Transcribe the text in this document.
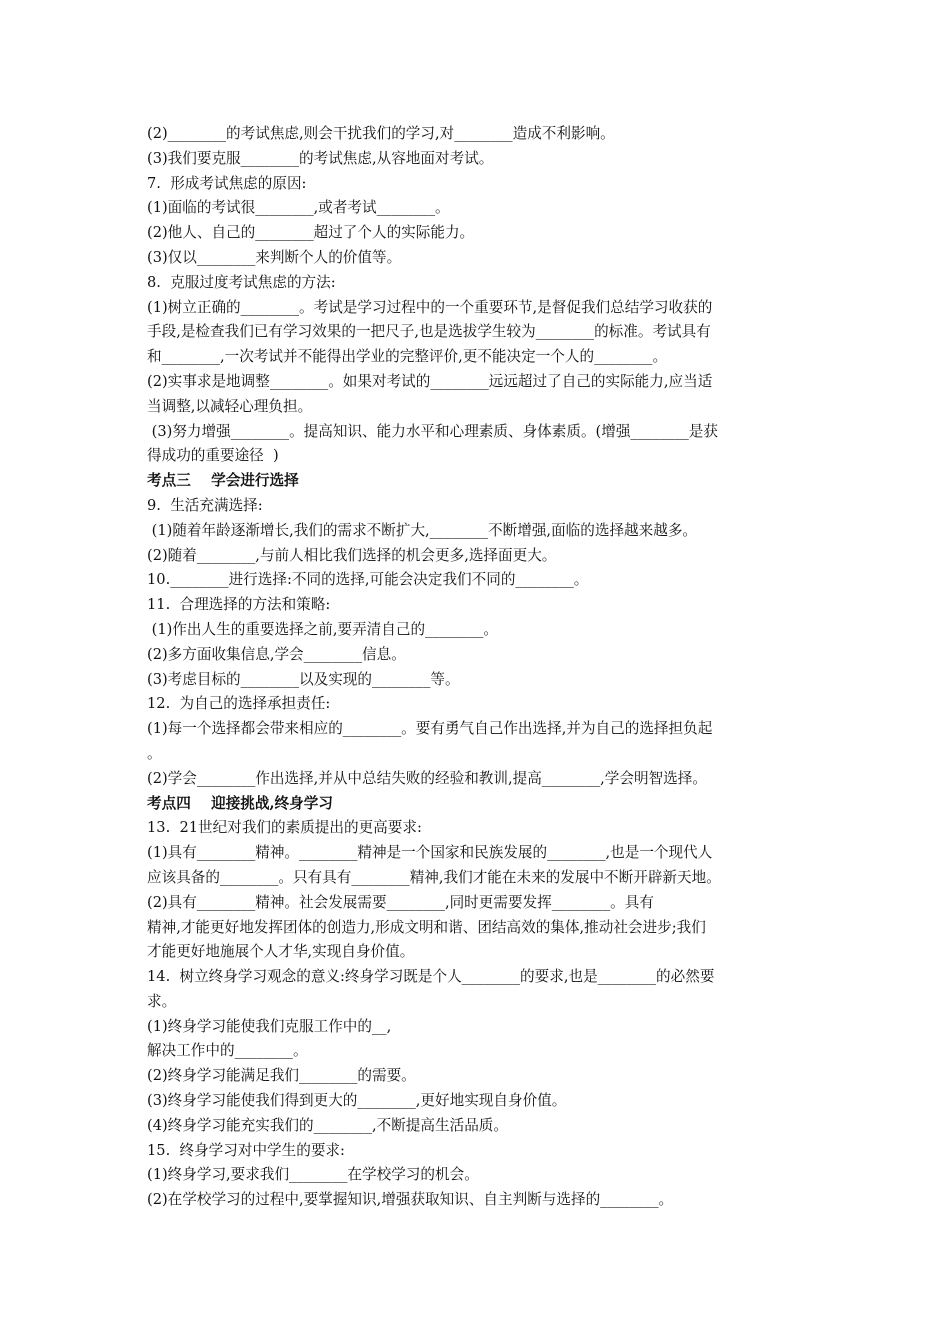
(2)________的考试焦虑,则会干扰我们的学习,对________造成不利影响。

(3)我们要克服________的考试焦虑,从容地面对考试。

7.  形成考试焦虑的原因:

(1)面临的考试很________,或者考试________。

(2)他人、自己的________超过了个人的实际能力。

(3)仅以________来判断个人的价值等。

8.  克服过度考试焦虑的方法:

(1)树立正确的________。考试是学习过程中的一个重要环节,是督促我们总结学习收获的

手段,是检查我们已有学习效果的一把尺子,也是选拔学生较为________的标准。考试具有

和________,一次考试并不能得出学业的完整评价,更不能决定一个人的________。

(2)实事求是地调整________。如果对考试的________远远超过了自己的实际能力,应当适

当调整,以减轻心理负担。

(3)努力增强________。提高知识、能力水平和心理素质、身体素质。(增强________是获

得成功的重要途径  )

考点三    学会进行选择

9.  生活充满选择:

(1)随着年龄逐渐增长,我们的需求不断扩大,________不断增强,面临的选择越来越多。

(2)随着________,与前人相比我们选择的机会更多,选择面更大。

10.________进行选择:不同的选择,可能会决定我们不同的________。

11.  合理选择的方法和策略:

(1)作出人生的重要选择之前,要弄清自己的________。

(2)多方面收集信息,学会________信息。

(3)考虑目标的________以及实现的________等。

12.  为自己的选择承担责任:

(1)每一个选择都会带来相应的________。要有勇气自己作出选择,并为自己的选择担负起

。

(2)学会________作出选择,并从中总结失败的经验和教训,提高________,学会明智选择。

考点四    迎接挑战,终身学习

13.  21世纪对我们的素质提出的更高要求:

(1)具有________精神。________精神是一个国家和民族发展的________,也是一个现代人

应该具备的________。只有具有________精神,我们才能在未来的发展中不断开辟新天地。

(2)具有________精神。社会发展需要________,同时更需要发挥________。具有

精神,才能更好地发挥团体的创造力,形成文明和谐、团结高效的集体,推动社会进步;我们

才能更好地施展个人才华,实现自身价值。

14.  树立终身学习观念的意义:终身学习既是个人________的要求,也是________的必然要

求。

(1)终身学习能使我们克服工作中的__,

解决工作中的________。

(2)终身学习能满足我们________的需要。

(3)终身学习能使我们得到更大的________,更好地实现自身价值。

(4)终身学习能充实我们的________,不断提高生活品质。

15.  终身学习对中学生的要求:

(1)终身学习,要求我们________在学校学习的机会。

(2)在学校学习的过程中,要掌握知识,增强获取知识、自主判断与选择的________。
